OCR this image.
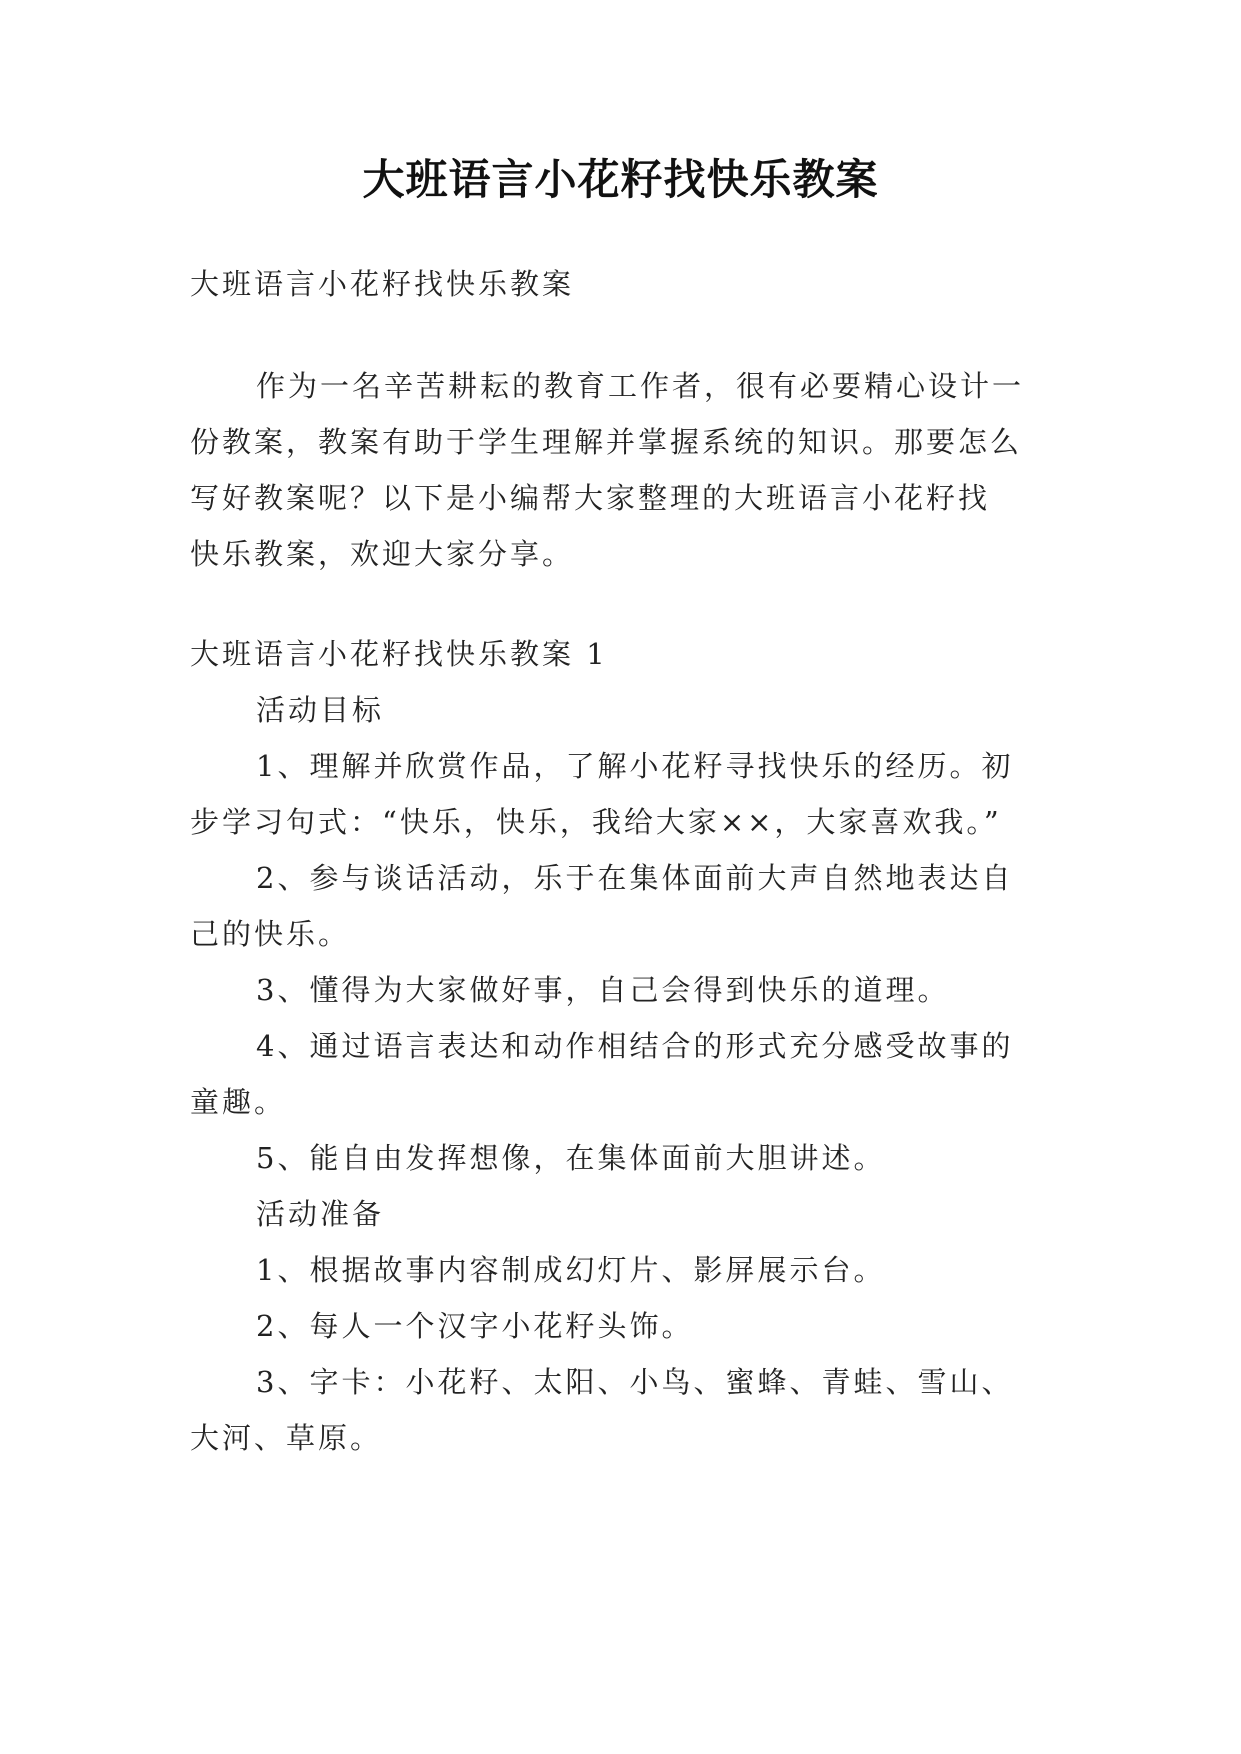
大班语言小花籽找快乐教案
大班语言小花籽找快乐教案
作为一名辛苦耕耘的教育工作者，很有必要精心设计一
份教案，教案有助于学生理解并掌握系统的知识。那要怎么
写好教案呢？以下是小编帮大家整理的大班语言小花籽找
快乐教案，欢迎大家分享。
大班语言小花籽找快乐教案 1
活动目标
1、理解并欣赏作品，了解小花籽寻找快乐的经历。初
步学习句式：“快乐，快乐，我给大家××，大家喜欢我。”
2、参与谈话活动，乐于在集体面前大声自然地表达自
己的快乐。
3、懂得为大家做好事，自己会得到快乐的道理。
4、通过语言表达和动作相结合的形式充分感受故事的
童趣。
5、能自由发挥想像，在集体面前大胆讲述。
活动准备
1、根据故事内容制成幻灯片、影屏展示台。
2、每人一个汉字小花籽头饰。
3、字卡：小花籽、太阳、小鸟、蜜蜂、青蛙、雪山、
大河、草原。
